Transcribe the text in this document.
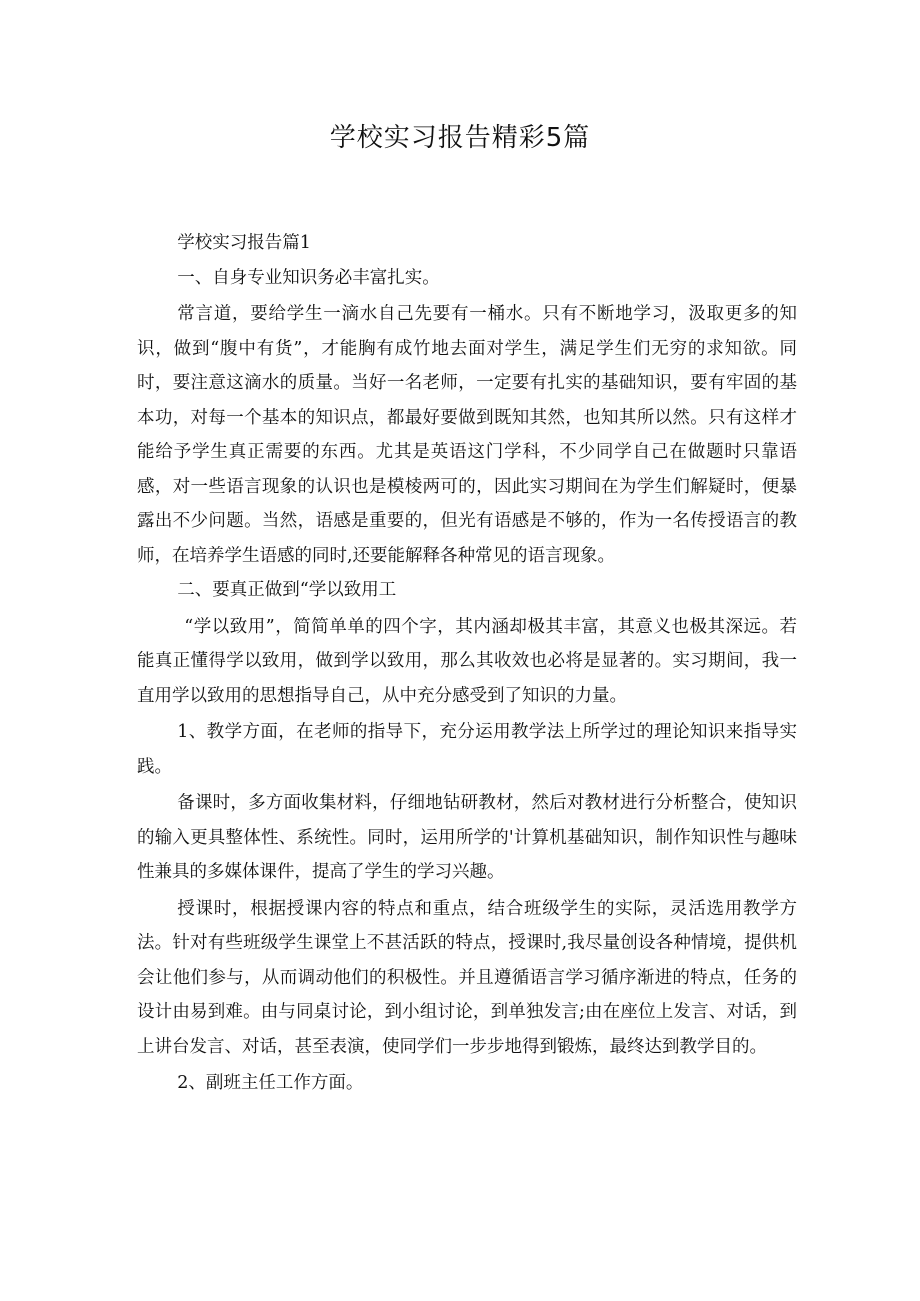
学校实习报告精彩5篇

学校实习报告篇1

一、自身专业知识务必丰富扎实。

常言道，要给学生一滴水自己先要有一桶水。只有不断地学习，汲取更多的知识，做到“腹中有货”，才能胸有成竹地去面对学生，满足学生们无穷的求知欲。同时，要注意这滴水的质量。当好一名老师，一定要有扎实的基础知识，要有牢固的基本功，对每一个基本的知识点，都最好要做到既知其然，也知其所以然。只有这样才能给予学生真正需要的东西。尤其是英语这门学科，不少同学自己在做题时只靠语感，对一些语言现象的认识也是模棱两可的，因此实习期间在为学生们解疑时，便暴露出不少问题。当然，语感是重要的，但光有语感是不够的，作为一名传授语言的教师，在培养学生语感的同时,还要能解释各种常见的语言现象。

二、要真正做到“学以致用工

“学以致用”，简简单单的四个字，其内涵却极其丰富，其意义也极其深远。若能真正懂得学以致用，做到学以致用，那么其收效也必将是显著的。实习期间，我一直用学以致用的思想指导自己，从中充分感受到了知识的力量。

1、教学方面，在老师的指导下，充分运用教学法上所学过的理论知识来指导实践。

备课时，多方面收集材料，仔细地钻研教材，然后对教材进行分析整合，使知识的输入更具整体性、系统性。同时，运用所学的'计算机基础知识，制作知识性与趣味性兼具的多媒体课件，提高了学生的学习兴趣。

授课时，根据授课内容的特点和重点，结合班级学生的实际，灵活选用教学方法。针对有些班级学生课堂上不甚活跃的特点，授课时,我尽量创设各种情境，提供机会让他们参与，从而调动他们的积极性。并且遵循语言学习循序渐进的特点，任务的设计由易到难。由与同桌讨论，到小组讨论，到单独发言;由在座位上发言、对话，到上讲台发言、对话，甚至表演，使同学们一步步地得到锻炼，最终达到教学目的。

2、副班主任工作方面。
